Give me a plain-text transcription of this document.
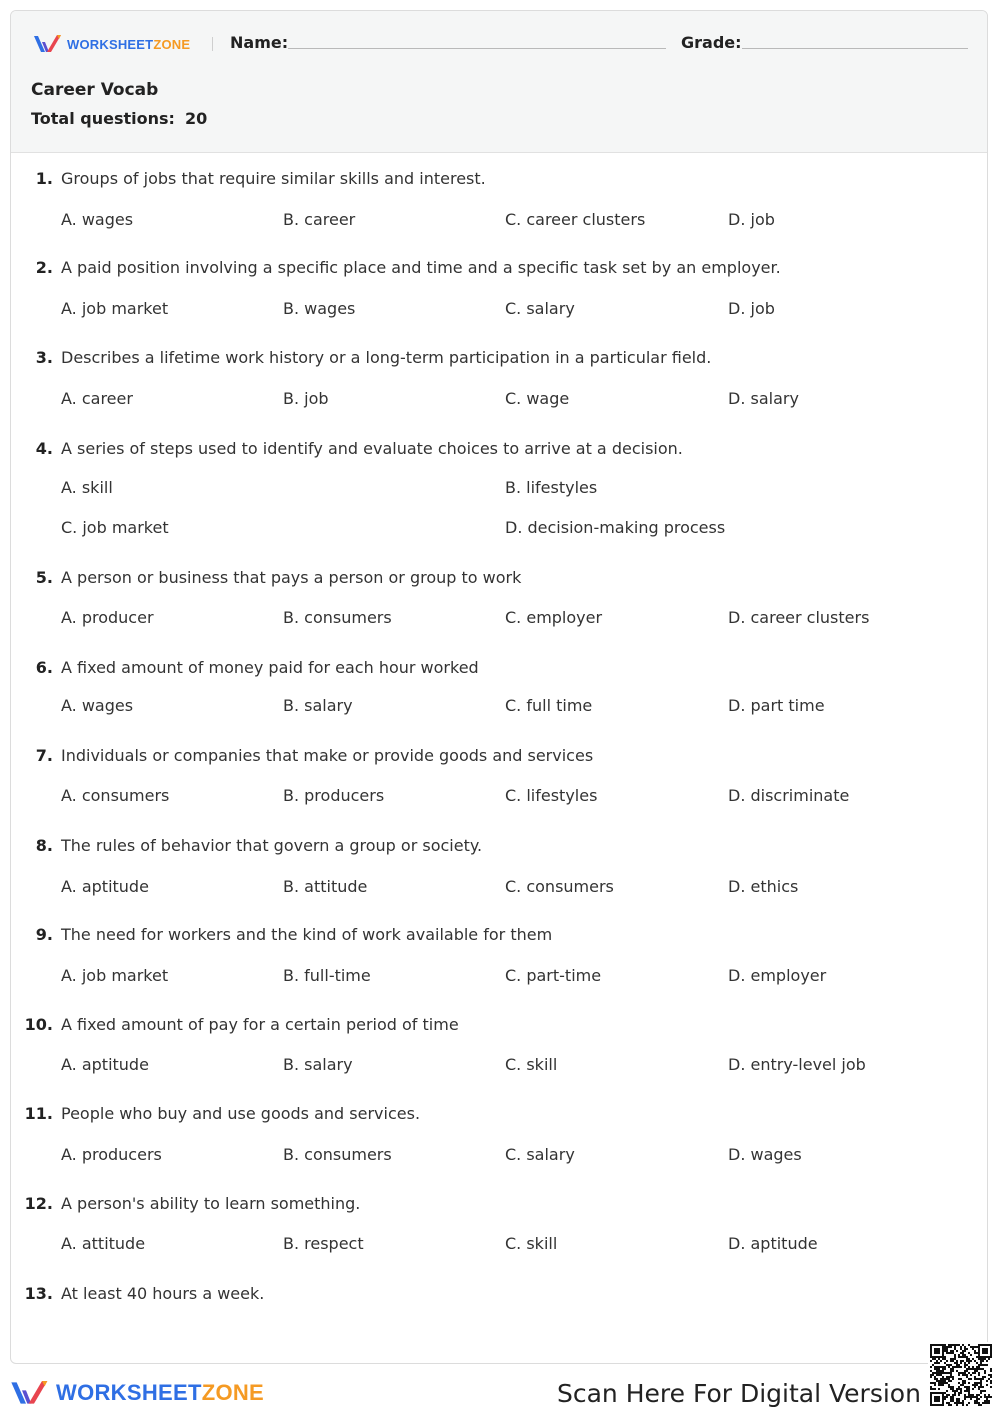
WORKSHEETZONE Name:	Grade:
Career Vocab
Total questions: 20
1. Groups of jobs that require similar skills and interest.
A. wages	B. career	C. career clusters	D. job
2. A paid position involving a specific place and time and a specific task set by an employer.
A. job market	B. wages	C. salary	D. job
3. Describes a lifetime work history or a long-term participation in a particular field.
A. career	B. job	C. wage	D. salary
4. A series of steps used to identify and evaluate choices to arrive at a decision.
A. skill	B. lifestyles
C. job market	D. decision-making process
5. A person or business that pays a person or group to work
A. producer	B. consumers	C. employer	D. career clusters
6. A fixed amount of money paid for each hour worked
A. wages	B. salary	C. full time	D. part time
7. Individuals or companies that make or provide goods and services
A. consumers	B. producers	C. lifestyles	D. discriminate
8. The rules of behavior that govern a group or society.
A. aptitude	B. attitude	C. consumers	D. ethics
9. The need for workers and the kind of work available for them
A. job market	B. full-time	C. part-time	D. employer
10. A fixed amount of pay for a certain period of time
A. aptitude	B. salary	C. skill	D. entry-level job
11. People who buy and use goods and services.
A. producers	B. consumers	C. salary	D. wages
12. A person's ability to learn something.
A. attitude	B. respect	C. skill	D. aptitude
13. At least 40 hours a week.
WORKSHEETZONE	Scan Here For Digital Version
